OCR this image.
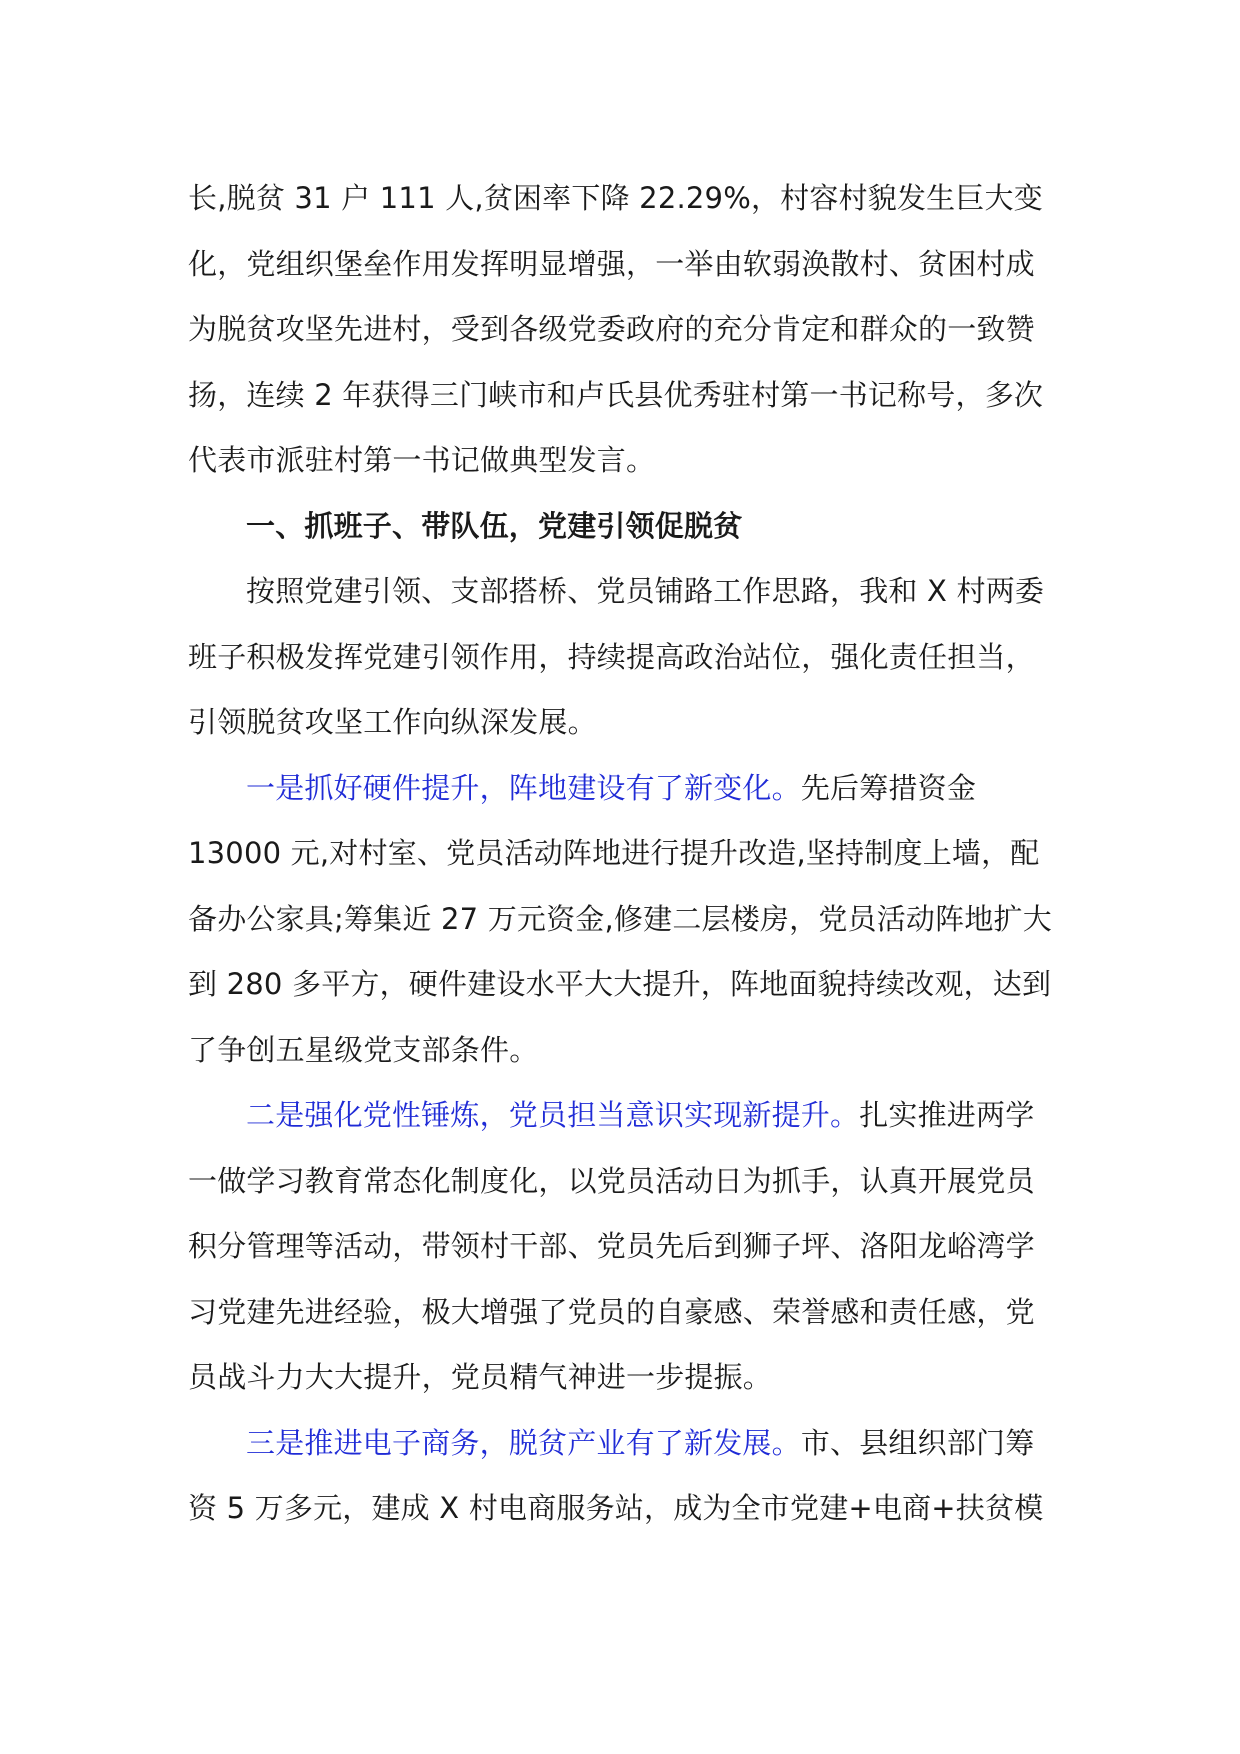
长,脱贫 31 户 111 人,贫困率下降 22.29%，村容村貌发生巨大变化，党组织堡垒作用发挥明显增强，一举由软弱涣散村、贫困村成为脱贫攻坚先进村，受到各级党委政府的充分肯定和群众的一致赞扬，连续 2 年获得三门峡市和卢氏县优秀驻村第一书记称号，多次代表市派驻村第一书记做典型发言。

一、抓班子、带队伍，党建引领促脱贫

按照党建引领、支部搭桥、党员铺路工作思路，我和 X 村两委班子积极发挥党建引领作用，持续提高政治站位，强化责任担当，引领脱贫攻坚工作向纵深发展。

一是抓好硬件提升，阵地建设有了新变化。先后筹措资金 13000 元,对村室、党员活动阵地进行提升改造,坚持制度上墙，配备办公家具;筹集近 27 万元资金,修建二层楼房，党员活动阵地扩大到 280 多平方，硬件建设水平大大提升，阵地面貌持续改观，达到了争创五星级党支部条件。

二是强化党性锤炼，党员担当意识实现新提升。扎实推进两学一做学习教育常态化制度化，以党员活动日为抓手，认真开展党员积分管理等活动，带领村干部、党员先后到狮子坪、洛阳龙峪湾学习党建先进经验，极大增强了党员的自豪感、荣誉感和责任感，党员战斗力大大提升，党员精气神进一步提振。

三是推进电子商务，脱贫产业有了新发展。市、县组织部门筹资 5 万多元，建成 X 村电商服务站，成为全市党建+电商+扶贫模
